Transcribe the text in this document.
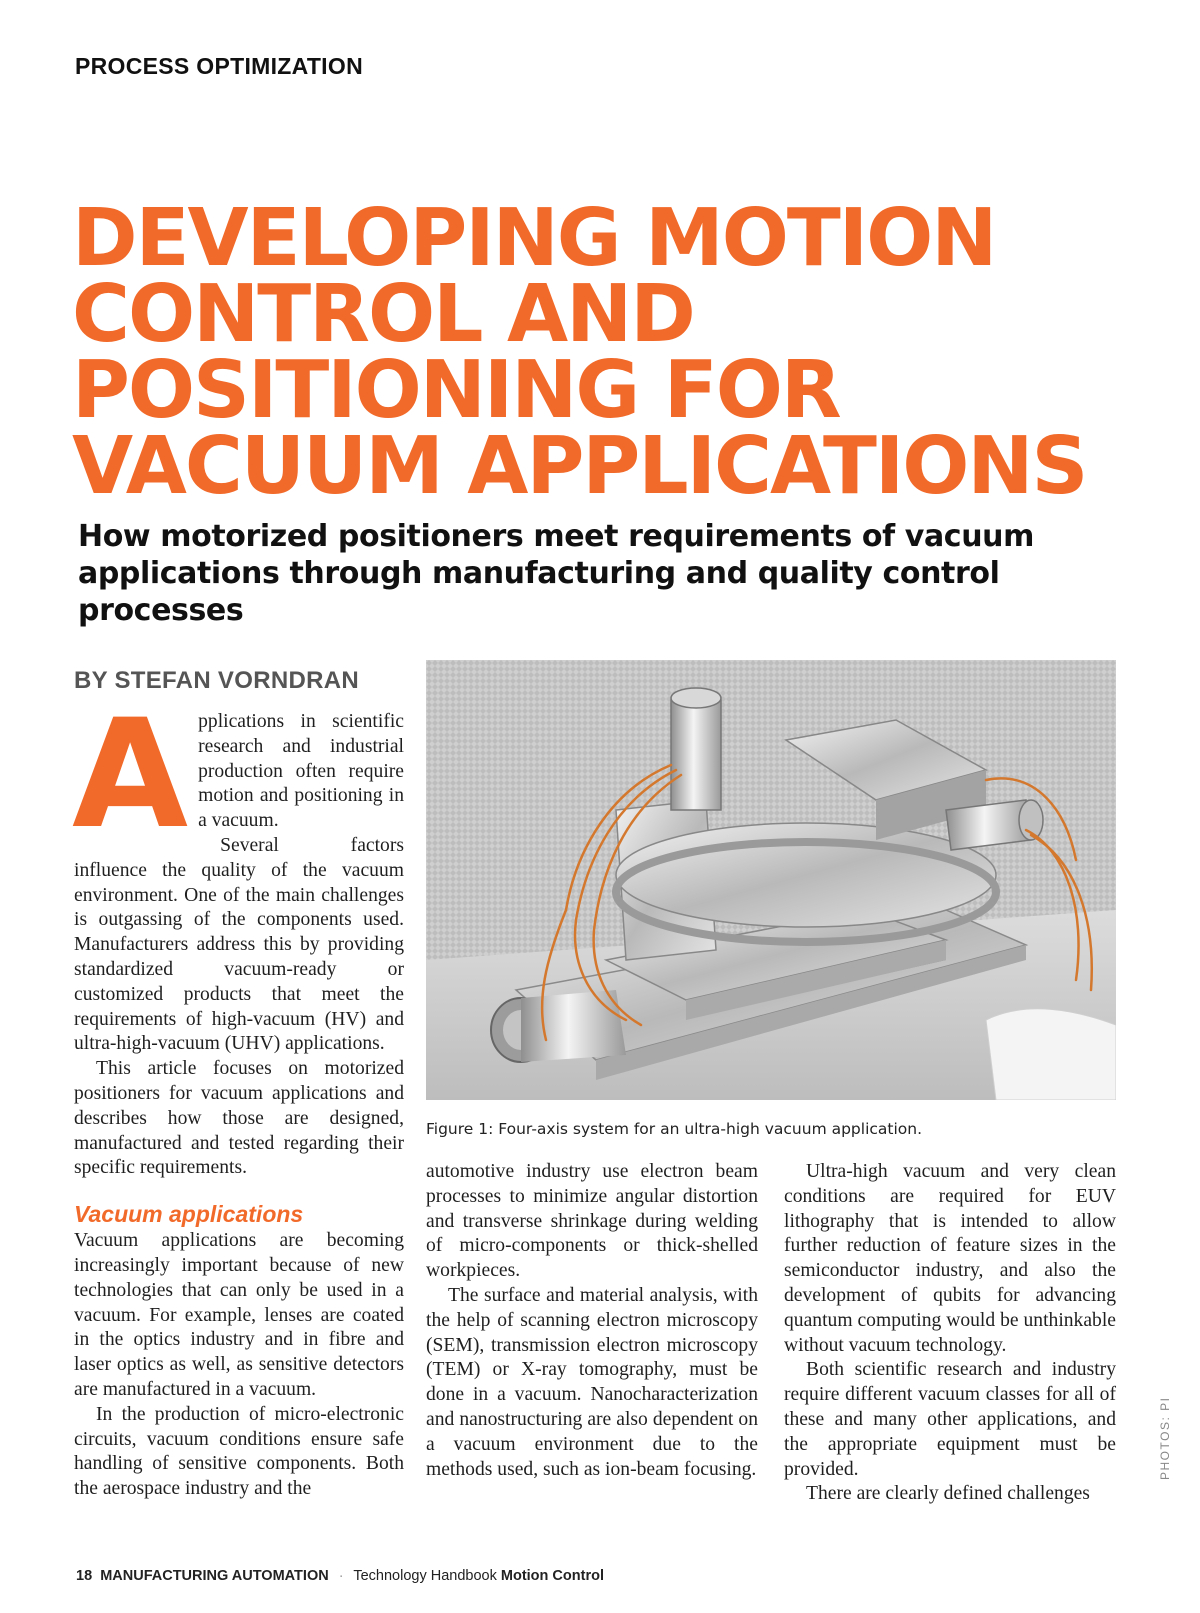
PROCESS OPTIMIZATION
DEVELOPING MOTION
CONTROL AND
POSITIONING FOR
VACUUM APPLICATIONS
How motorized positioners meet requirements of vacuum applications through manufacturing and quality control processes
BY STEFAN VORNDRAN
A pplications in scientific research and industrial production often require motion and positioning in a vacuum.

Several factors influence the quality of the vacuum environment. One of the main challenges is outgassing of the components used. Manufacturers address this by providing standardized vacuum-ready or customized products that meet the requirements of high-vacuum (HV) and ultra-high-vacuum (UHV) applications.

This article focuses on motorized positioners for vacuum applications and describes how those are designed, manufactured and tested regarding their specific requirements.

Vacuum applications

Vacuum applications are becoming increasingly important because of new technologies that can only be used in a vacuum. For example, lenses are coated in the optics industry and in fibre and laser optics as well, as sensitive detectors are manufactured in a vacuum.

In the production of micro-electronic circuits, vacuum conditions ensure safe handling of sensitive components. Both the aerospace industry and the

Figure 1: Four-axis system for an ultra-high vacuum application.

automotive industry use electron beam processes to minimize angular distortion and transverse shrinkage during welding of micro-components or thick-shelled workpieces.

The surface and material analysis, with the help of scanning electron microscopy (SEM), transmission electron microscopy (TEM) or X-ray tomography, must be done in a vacuum. Nanocharacterization and nanostructuring are also dependent on a vacuum environment due to the methods used, such as ion-beam focusing.

Ultra-high vacuum and very clean conditions are required for EUV lithography that is intended to allow further reduction of feature sizes in the semiconductor industry, and also the development of qubits for advancing quantum computing would be unthinkable without vacuum technology.

Both scientific research and industry require different vacuum classes for all of these and many other applications, and the appropriate equipment must be provided.

There are clearly defined challenges

PHOTOS: PI
18 MANUFACTURING AUTOMATION · Technology Handbook Motion Control
